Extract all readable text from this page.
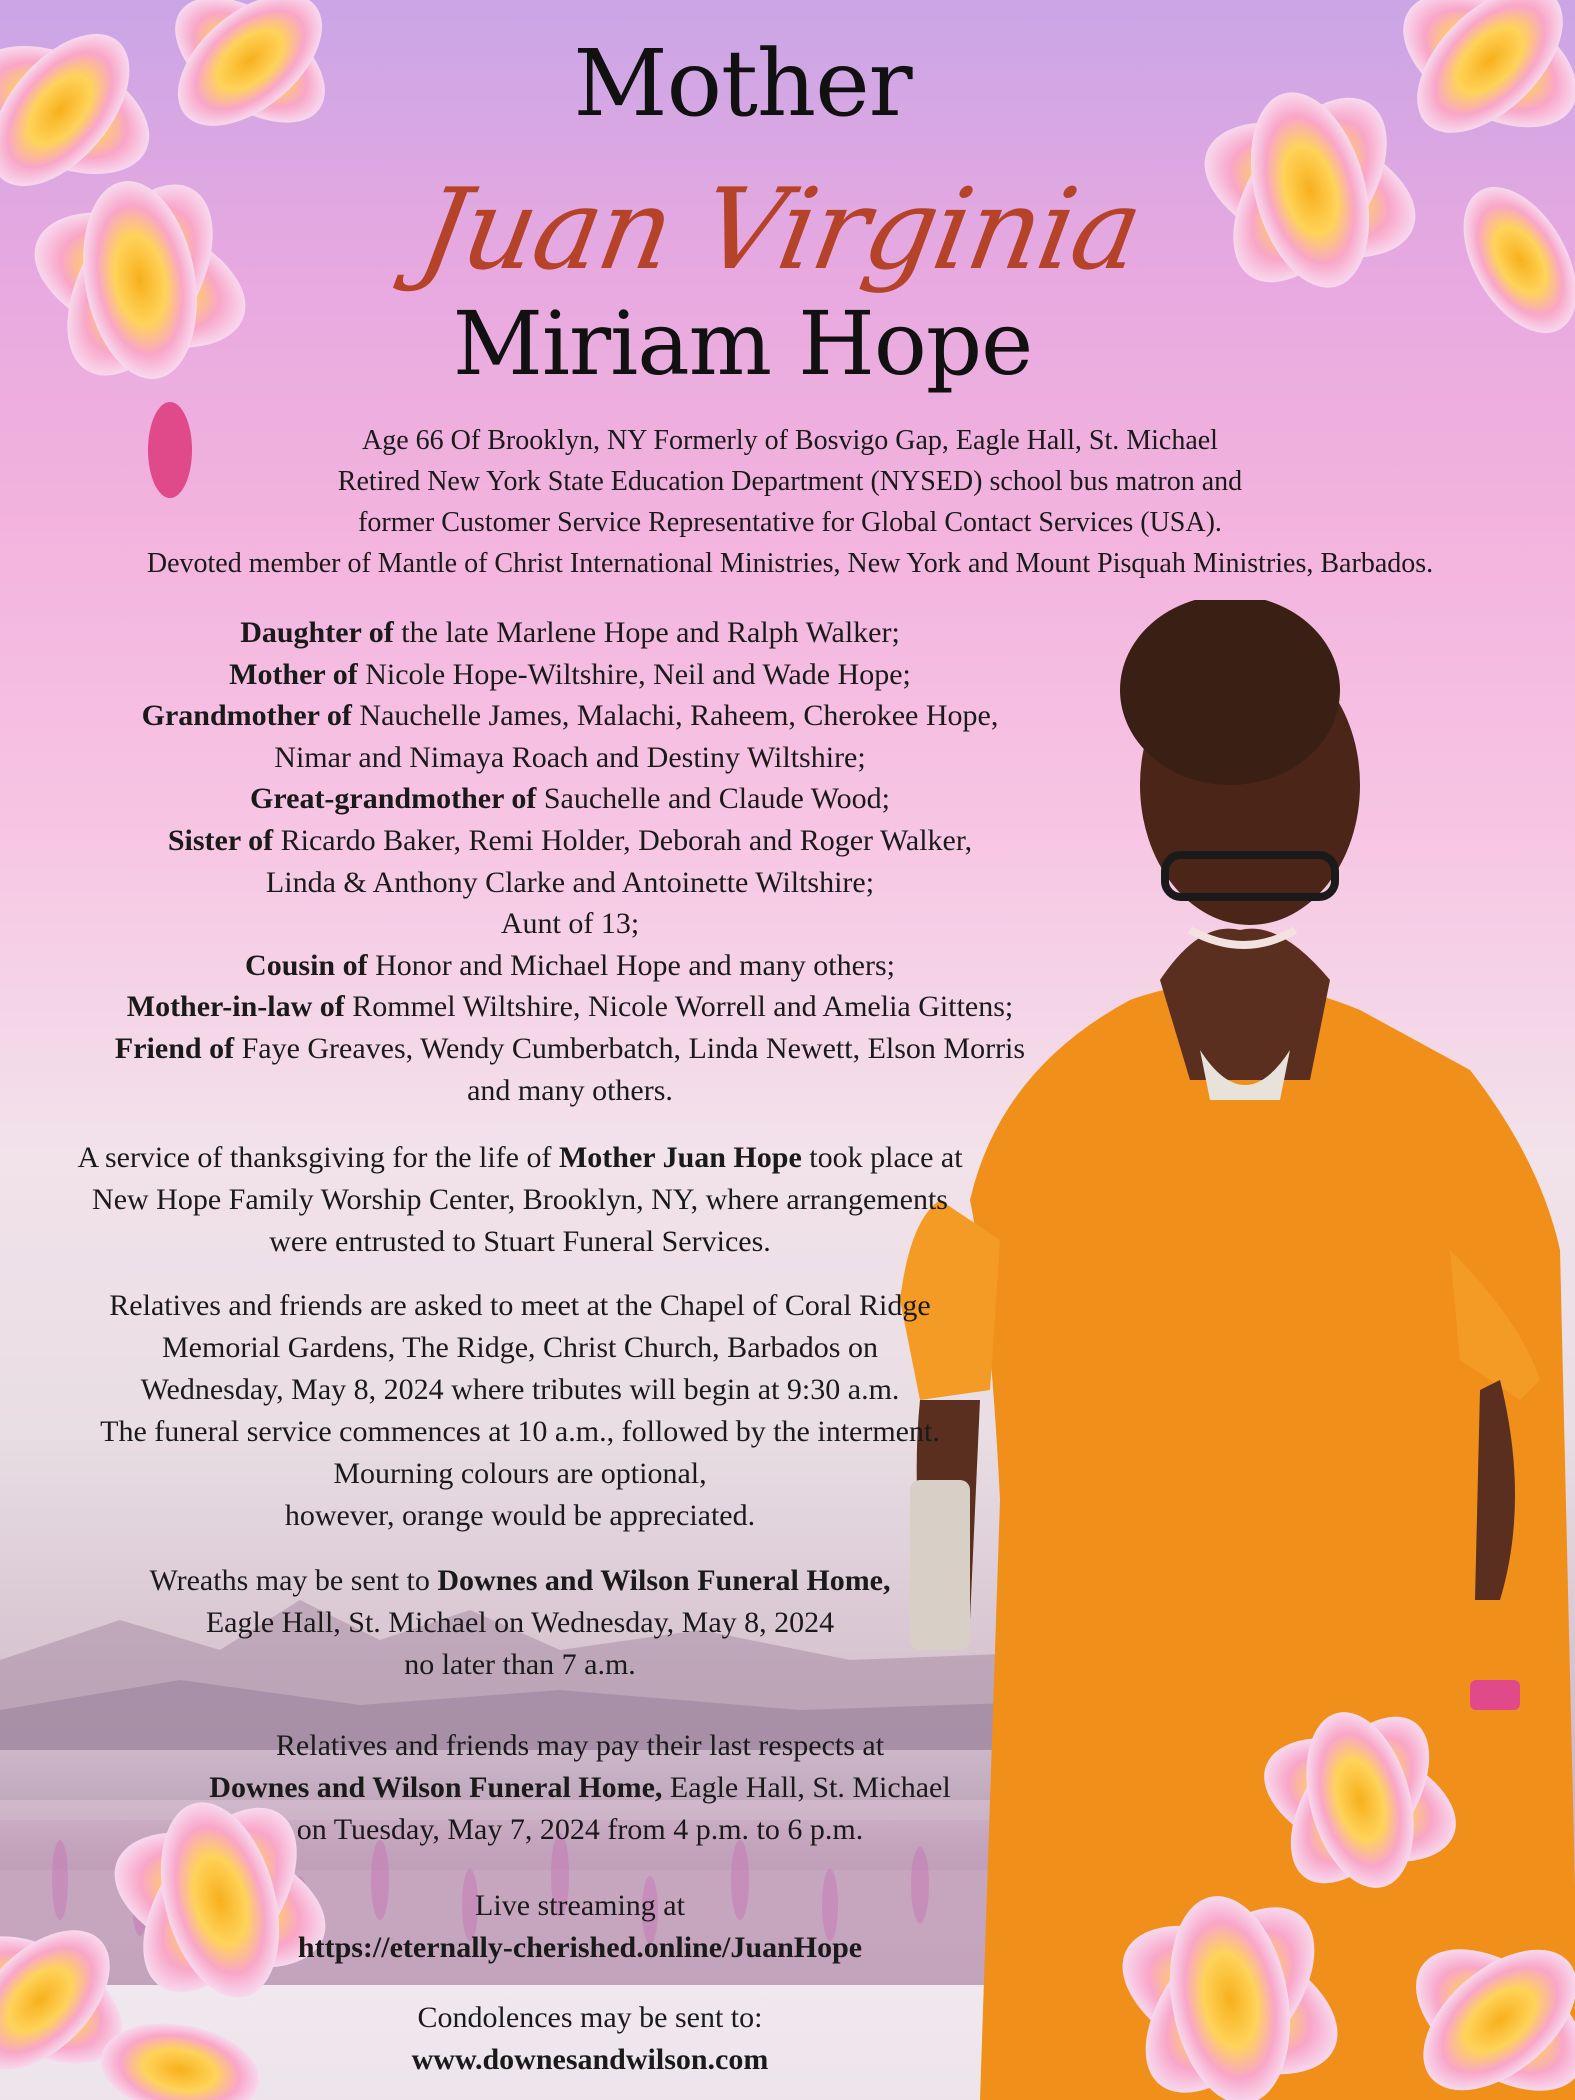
Mother
Juan Virginia
Miriam Hope

Age 66 Of Brooklyn, NY Formerly of Bosvigo Gap, Eagle Hall, St. Michael

Retired New York State Education Department (NYSED) school bus matron and

former Customer Service Representative for Global Contact Services (USA).

Devoted member of Mantle of Christ International Ministries, New York and Mount Pisquah Ministries, Barbados.

Daughter of the late Marlene Hope and Ralph Walker;

Mother of Nicole Hope-Wiltshire, Neil and Wade Hope;

Grandmother of Nauchelle James, Malachi, Raheem, Cherokee Hope,

Nimar and Nimaya Roach and Destiny Wiltshire;

Great-grandmother of Sauchelle and Claude Wood;

Sister of Ricardo Baker, Remi Holder, Deborah and Roger Walker,

Linda & Anthony Clarke and Antoinette Wiltshire;

Aunt of 13;

Cousin of Honor and Michael Hope and many others;

Mother-in-law of Rommel Wiltshire, Nicole Worrell and Amelia Gittens;

Friend of Faye Greaves, Wendy Cumberbatch, Linda Newett, Elson Morris

and many others.

A service of thanksgiving for the life of Mother Juan Hope took place at

New Hope Family Worship Center, Brooklyn, NY, where arrangements

were entrusted to Stuart Funeral Services.

Relatives and friends are asked to meet at the Chapel of Coral Ridge

Memorial Gardens, The Ridge, Christ Church, Barbados on

Wednesday, May 8, 2024 where tributes will begin at 9:30 a.m.

The funeral service commences at 10 a.m., followed by the interment.

Mourning colours are optional,

however, orange would be appreciated.

Wreaths may be sent to Downes and Wilson Funeral Home,

Eagle Hall, St. Michael on Wednesday, May 8, 2024

no later than 7 a.m.

Relatives and friends may pay their last respects at

Downes and Wilson Funeral Home, Eagle Hall, St. Michael

on Tuesday, May 7, 2024 from 4 p.m. to 6 p.m.

Live streaming at

https://eternally-cherished.online/JuanHope

Condolences may be sent to:

www.downesandwilson.com
